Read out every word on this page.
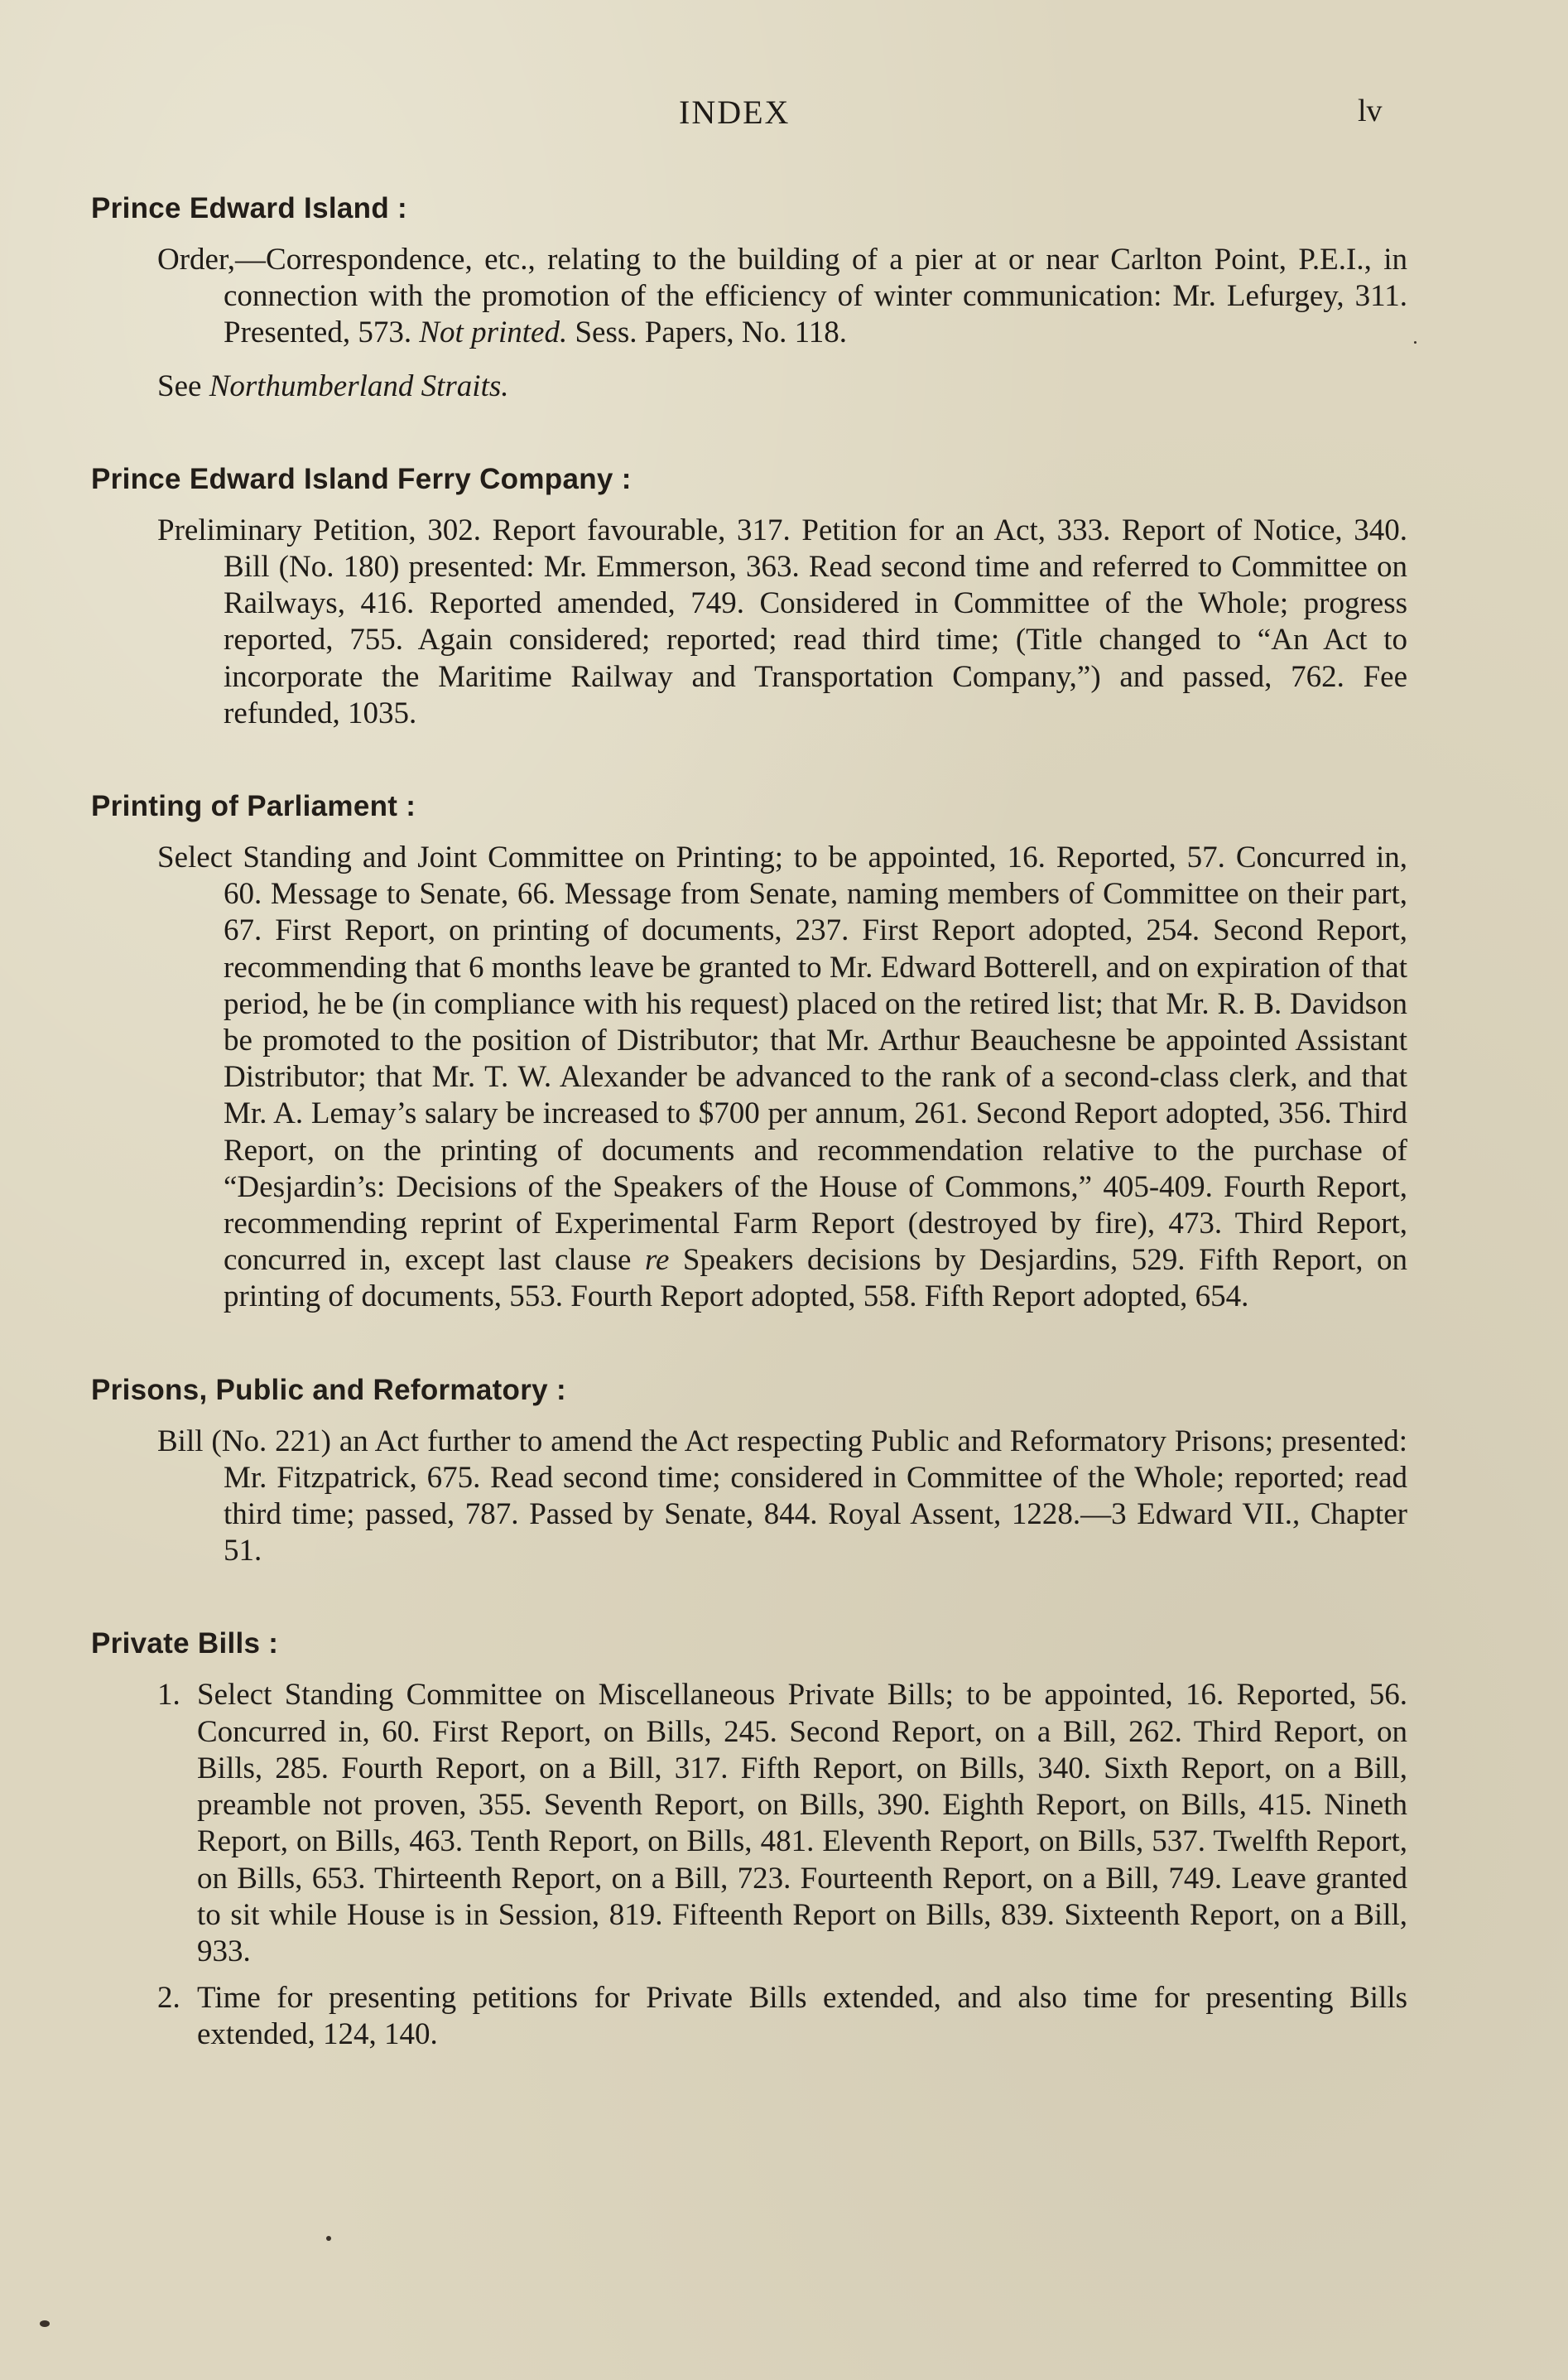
INDEX	lv
Prince Edward Island :

Order,—Correspondence, etc., relating to the building of a pier at or near Carlton Point, P.E.I., in connection with the promotion of the efficiency of winter communication: Mr. Lefurgey, 311. Presented, 573. Not printed. Sess. Papers, No. 118.

See Northumberland Straits.

Prince Edward Island Ferry Company :

Preliminary Petition, 302. Report favourable, 317. Petition for an Act, 333. Report of Notice, 340. Bill (No. 180) presented: Mr. Emmerson, 363. Read second time and referred to Committee on Railways, 416. Reported amended, 749. Considered in Committee of the Whole; progress reported, 755. Again considered; reported; read third time; (Title changed to “An Act to incorporate the Maritime Railway and Transportation Company,”) and passed, 762. Fee refunded, 1035.

Printing of Parliament :

Select Standing and Joint Committee on Printing; to be appointed, 16. Reported, 57. Concurred in, 60. Message to Senate, 66. Message from Senate, naming members of Committee on their part, 67. First Report, on printing of documents, 237. First Report adopted, 254. Second Report, recommending that 6 months leave be granted to Mr. Edward Botterell, and on expiration of that period, he be (in compliance with his request) placed on the retired list; that Mr. R. B. Davidson be promoted to the position of Distributor; that Mr. Arthur Beauchesne be appointed Assistant Distributor; that Mr. T. W. Alexander be advanced to the rank of a second-class clerk, and that Mr. A. Lemay’s salary be increased to $700 per annum, 261. Second Report adopted, 356. Third Report, on the printing of documents and recommendation relative to the purchase of “Desjardin’s: Decisions of the Speakers of the House of Commons,” 405-409. Fourth Report, recommending reprint of Experimental Farm Report (destroyed by fire), 473. Third Report, concurred in, except last clause re Speakers decisions by Desjardins, 529. Fifth Report, on printing of documents, 553. Fourth Report adopted, 558. Fifth Report adopted, 654.

Prisons, Public and Reformatory :

Bill (No. 221) an Act further to amend the Act respecting Public and Reformatory Prisons; presented: Mr. Fitzpatrick, 675. Read second time; considered in Committee of the Whole; reported; read third time; passed, 787. Passed by Senate, 844. Royal Assent, 1228.—3 Edward VII., Chapter 51.

Private Bills :
1. Select Standing Committee on Miscellaneous Private Bills; to be appointed, 16. Reported, 56. Concurred in, 60. First Report, on Bills, 245. Second Report, on a Bill, 262. Third Report, on Bills, 285. Fourth Report, on a Bill, 317. Fifth Report, on Bills, 340. Sixth Report, on a Bill, preamble not proven, 355. Seventh Report, on Bills, 390. Eighth Report, on Bills, 415. Nineth Report, on Bills, 463. Tenth Report, on Bills, 481. Eleventh Report, on Bills, 537. Twelfth Report, on Bills, 653. Thirteenth Report, on a Bill, 723. Fourteenth Report, on a Bill, 749. Leave granted to sit while House is in Session, 819. Fifteenth Report on Bills, 839. Sixteenth Report, on a Bill, 933.
2. Time for presenting petitions for Private Bills extended, and also time for presenting Bills extended, 124, 140.
